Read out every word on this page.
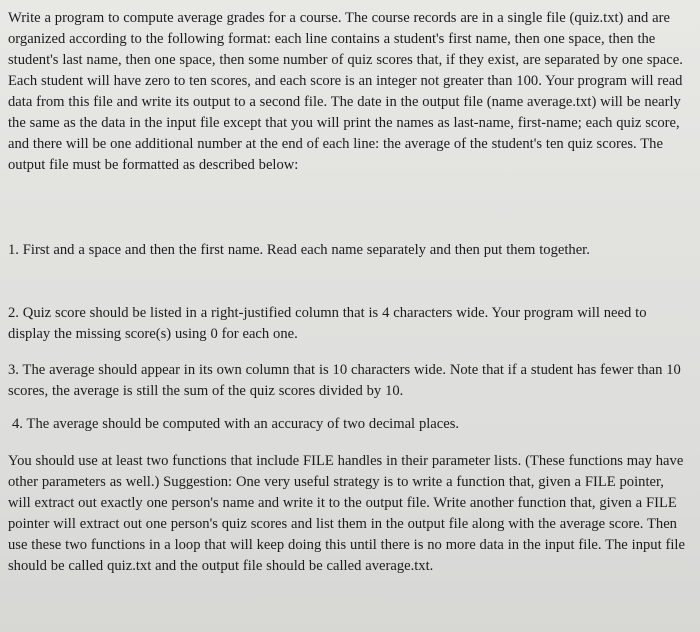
Write a program to compute average grades for a course. The course records are in a single file (quiz.txt) and are organized according to the following format: each line contains a student's first name, then one space, then the student's last name, then one space, then some number of quiz scores that, if they exist, are separated by one space. Each student will have zero to ten scores, and each score is an integer not greater than 100. Your program will read data from this file and write its output to a second file. The date in the output file (name average.txt) will be nearly the same as the data in the input file except that you will print the names as last-name, first-name; each quiz score, and there will be one additional number at the end of each line: the average of the student's ten quiz scores. The output file must be formatted as described below:

1. First and a space and then the first name. Read each name separately and then put them together.

2. Quiz score should be listed in a right-justified column that is 4 characters wide. Your program will need to display the missing score(s) using 0 for each one.

3. The average should appear in its own column that is 10 characters wide. Note that if a student has fewer than 10 scores, the average is still the sum of the quiz scores divided by 10.

4. The average should be computed with an accuracy of two decimal places.

You should use at least two functions that include FILE handles in their parameter lists. (These functions may have other parameters as well.) Suggestion: One very useful strategy is to write a function that, given a FILE pointer, will extract out exactly one person's name and write it to the output file. Write another function that, given a FILE pointer will extract out one person's quiz scores and list them in the output file along with the average score. Then use these two functions in a loop that will keep doing this until there is no more data in the input file. The input file should be called quiz.txt and the output file should be called average.txt.
